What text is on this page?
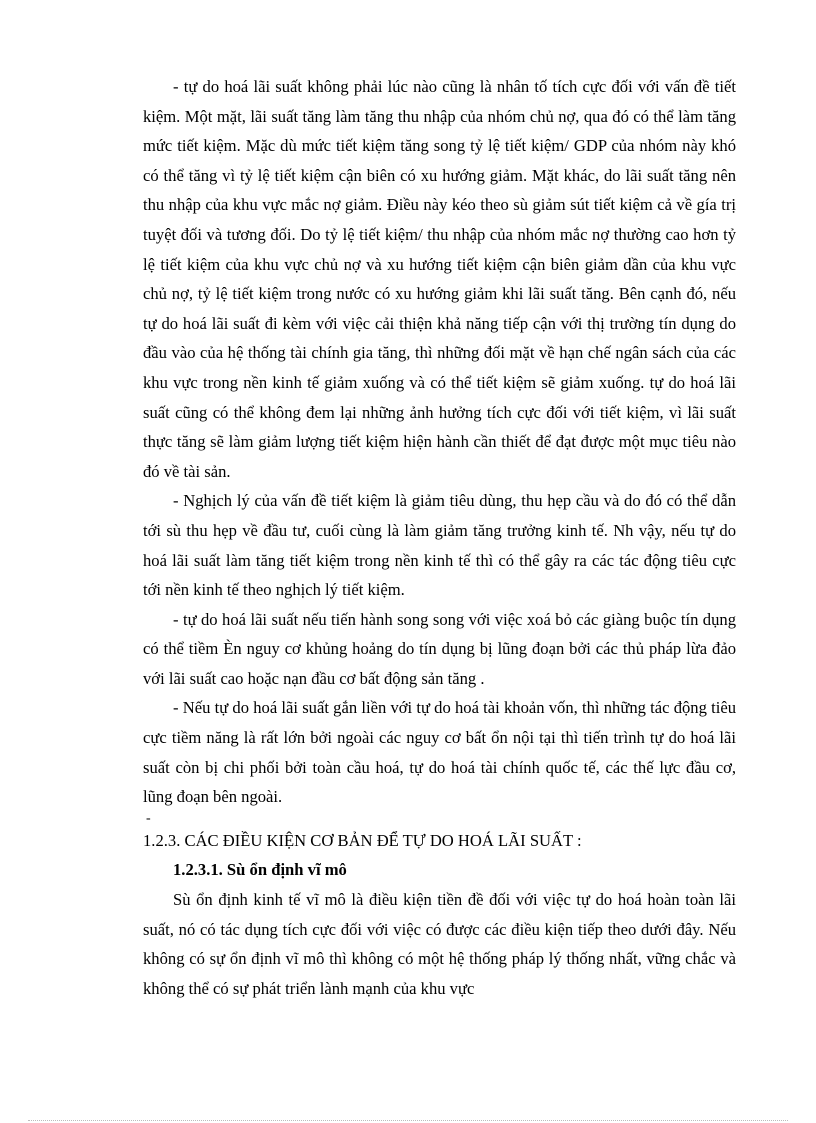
- tự do hoá lãi suất không phải lúc nào cũng là nhân tố tích cực đối với vấn đề tiết kiệm. Một mặt, lãi suất tăng làm tăng thu nhập của nhóm chủ nợ, qua đó có thể làm tăng mức tiết kiệm. Mặc dù mức tiết kiệm tăng song tỷ lệ tiết kiệm/ GDP của nhóm này khó có thể tăng vì tỷ lệ tiết kiệm cận biên có xu hướng giảm. Mặt khác, do lãi suất tăng nên thu nhập của khu vực mắc nợ giảm. Điều này kéo theo sù giảm sút tiết kiệm cả về gía trị tuyệt đối và tương đối. Do tỷ lệ tiết kiệm/ thu nhập của nhóm mắc nợ thường cao hơn tỷ lệ tiết kiệm của khu vực chủ nợ và xu hướng tiết kiệm cận biên giảm dần của khu vực chủ nợ, tỷ lệ tiết kiệm trong nước có xu hướng giảm khi lãi suất tăng. Bên cạnh đó, nếu tự do hoá lãi suất đi kèm với việc cải thiện khả năng tiếp cận với thị trường tín dụng do đầu vào của hệ thống tài chính gia tăng, thì những đối mặt về hạn chế ngân sách của các khu vực trong nền kinh tế giảm xuống và có thể tiết kiệm sẽ giảm xuống. tự do hoá lãi suất cũng có thể không đem lại những ảnh hưởng tích cực đối với tiết kiệm, vì lãi suất thực tăng sẽ làm giảm lượng tiết kiệm hiện hành cần thiết để đạt được một mục tiêu nào đó về tài sản.

- Nghịch lý của vấn đề tiết kiệm là giảm tiêu dùng, thu hẹp cầu và do đó có thể dẫn tới sù thu hẹp về đầu tư, cuối cùng là làm giảm tăng trưởng kinh tế. Nh vậy, nếu tự do hoá lãi suất làm tăng tiết kiệm trong nền kinh tế thì có thể gây ra các tác động tiêu cực tới nền kinh tế theo nghịch lý tiết kiệm.

- tự do hoá lãi suất nếu tiến hành song song với việc xoá bỏ các giàng buộc tín dụng có thể tiềm Èn nguy cơ khủng hoảng do tín dụng bị lũng đoạn bởi các thủ pháp lừa đảo với lãi suất cao hoặc nạn đầu cơ bất động sản tăng .

- Nếu tự do hoá lãi suất gắn liền với tự do hoá tài khoản vốn, thì những tác động tiêu cực tiềm năng là rất lớn bởi ngoài các nguy cơ bất ổn nội tại thì tiến trình tự do hoá lãi suất còn bị chi phối bởi toàn cầu hoá, tự do hoá tài chính quốc tế, các thế lực đầu cơ, lũng đoạn bên ngoài.

-

1.2.3. CÁC ĐIỀU KIỆN CƠ BẢN ĐỂ TỰ DO HOÁ LÃI SUẤT :

1.2.3.1. Sù ổn định vĩ mô

Sù ổn định kinh tế vĩ mô là điều kiện tiền đề đối với việc tự do hoá hoàn toàn lãi suất, nó có tác dụng tích cực đối với việc có được các điều kiện tiếp theo dưới đây. Nếu không có sự ổn định vĩ mô thì không có một hệ thống pháp lý thống nhất, vững chắc và không thể có sự phát triển lành mạnh của khu vực
